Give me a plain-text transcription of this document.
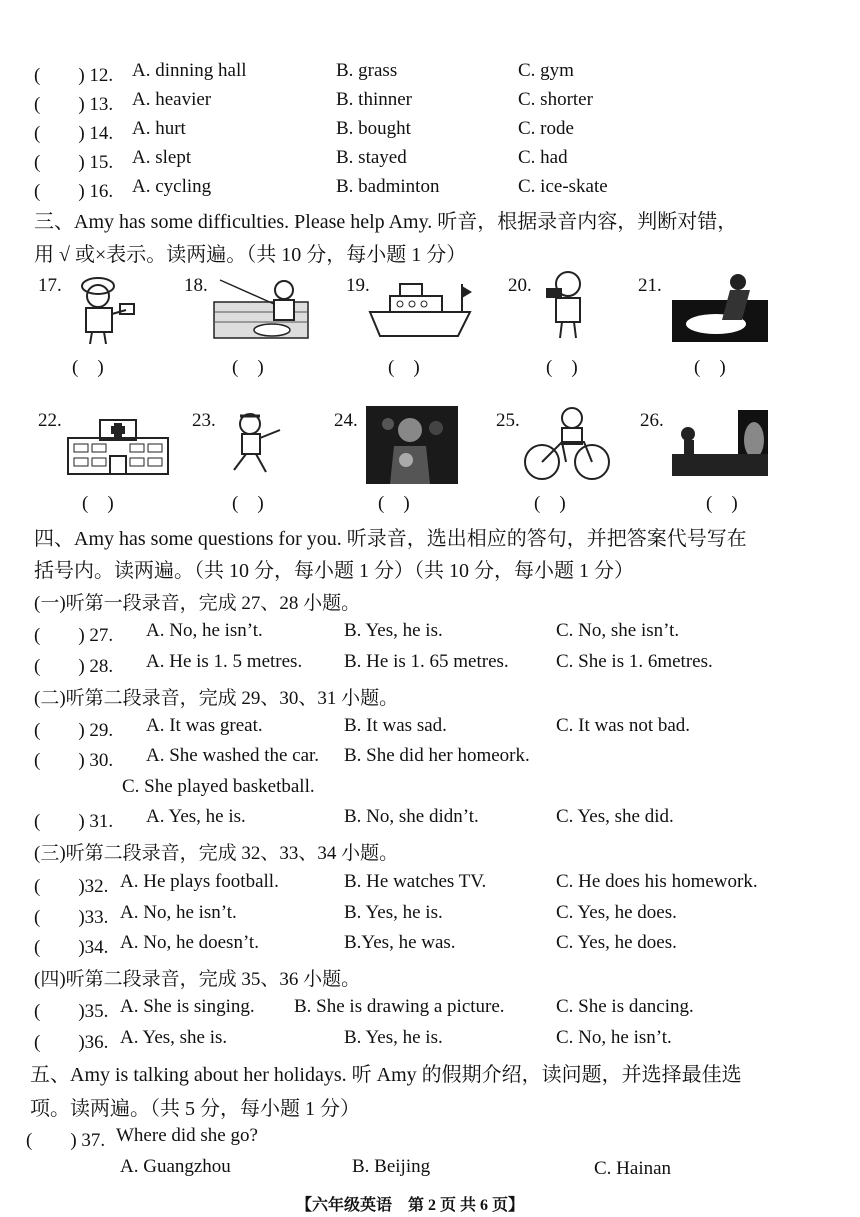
(　　) 12. A. dinning hall	B. grass	C. gym
(　　) 13. A. heavier	B. thinner	C. shorter
(　　) 14. A. hurt	B. bought	C. rode
(　　) 15. A. slept	B. stayed	C. had
(　　) 16. A. cycling	B. badminton	C. ice-skate
三、Amy has some difficulties. Please help Amy. 听音，根据录音内容，判断对错，
用 √ 或×表示。读两遍。（共 10 分，每小题 1 分）
17.
(　)
18.
(　)
19.
(　)
20.
(　)
21.
(　)
22.
(　)
23.
(　)
24.
(　)
25.
(　)
26.
(　)
四、Amy has some questions for you. 听录音，选出相应的答句，并把答案代号写在
括号内。读两遍。（共 10 分，每小题 1 分）（共 10 分，每小题 1 分）
(一)听第一段录音，完成 27、28 小题。
(　　) 27. A. No, he isn’t.	B. Yes, he is.	C. No, she isn’t.
(　　) 28. A. He is 1. 5 metres. B. He is 1. 65 metres. C. She is 1. 6metres.
(二)听第二段录音，完成 29、30、31 小题。
(　　) 29. A. It was great.	B. It was sad.	C. It was not bad.
(　　) 30. A. She washed the car. B. She did her homeork.
C. She played basketball.
(　　) 31. A. Yes, he is.	B. No, she didn’t.	C. Yes, she did.
(三)听第二段录音，完成 32、33、34 小题。
(　　)32. A. He plays football.	B. He watches TV.	C. He does his homework.
(　　)33. A. No, he isn’t.	B. Yes, he is.	C. Yes, he does.
(　　)34. A. No, he doesn’t.	B.Yes, he was.	C. Yes, he does.
(四)听第二段录音，完成 35、36 小题。
(　　)35. A. She is singing. B. She is drawing a picture.	C. She is dancing.
(　　)36. A. Yes, she is.	B. Yes, he is.	C. No, he isn’t.
五、Amy is talking about her holidays. 听 Amy 的假期介绍，读问题，并选择最佳选
项。读两遍。（共 5 分，每小题 1 分）
(　　) 37. Where did she go?
A. Guangzhou	B. Beijing	C. Hainan
【六年级英语　第 2 页 共 6 页】
